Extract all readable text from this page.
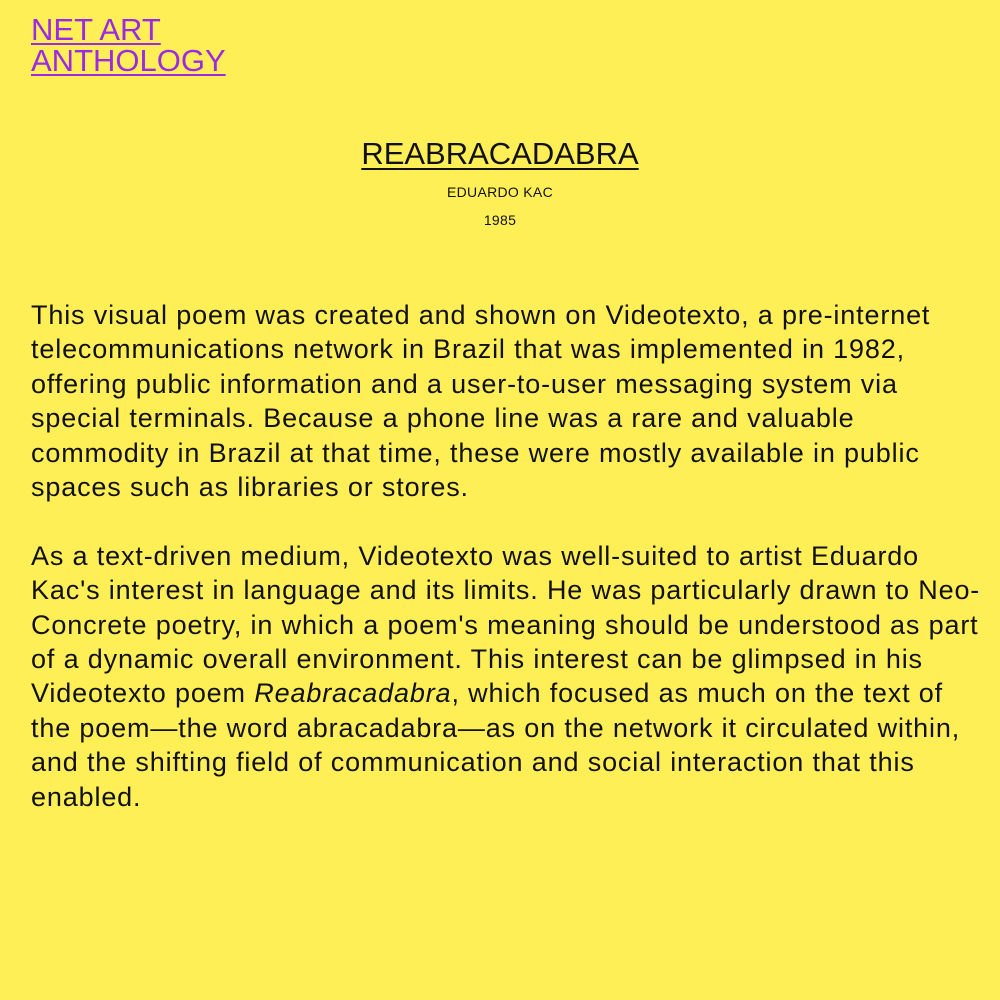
NET ART
ANTHOLOGY
REABRACADABRA
EDUARDO KAC
1985

This visual poem was created and shown on Videotexto, a pre-internet telecommunications network in Brazil that was implemented in 1982, offering public information and a user-to-user messaging system via special terminals. Because a phone line was a rare and valuable commodity in Brazil at that time, these were mostly available in public spaces such as libraries or stores.

As a text-driven medium, Videotexto was well-suited to artist Eduardo Kac's interest in language and its limits. He was particularly drawn to Neo-Concrete poetry, in which a poem's meaning should be understood as part of a dynamic overall environment. This interest can be glimpsed in his Videotexto poem Reabracadabra, which focused as much on the text of the poem—the word abracadabra—as on the network it circulated within, and the shifting field of communication and social interaction that this enabled.
